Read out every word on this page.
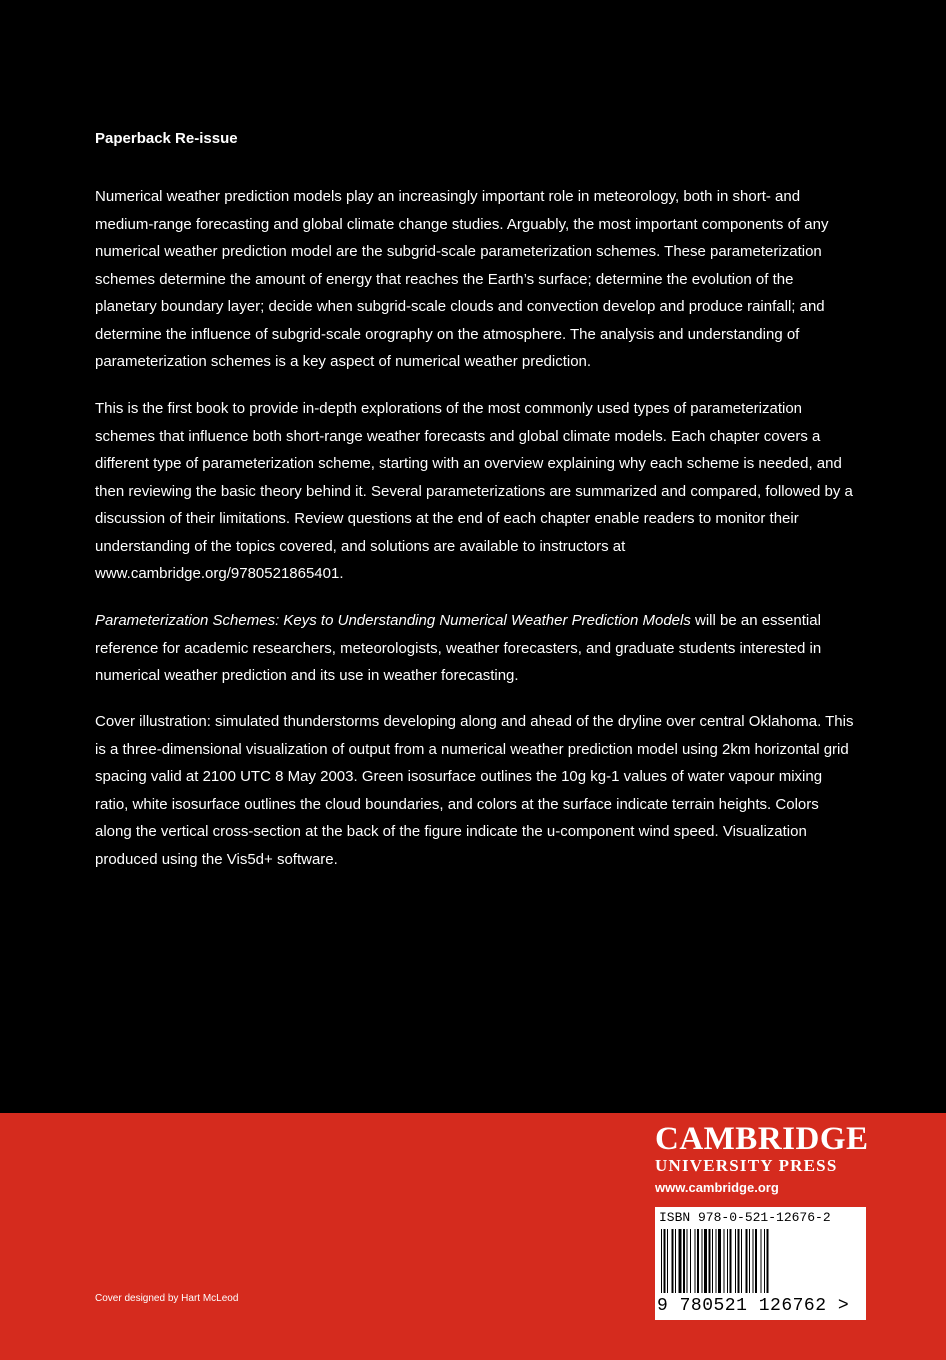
Paperback Re-issue
Numerical weather prediction models play an increasingly important role in meteorology, both in short- and medium-range forecasting and global climate change studies. Arguably, the most important components of any numerical weather prediction model are the subgrid-scale parameterization schemes. These parameterization schemes determine the amount of energy that reaches the Earth’s surface; determine the evolution of the planetary boundary layer; decide when subgrid-scale clouds and convection develop and produce rainfall; and determine the influence of subgrid-scale orography on the atmosphere. The analysis and understanding of parameterization schemes is a key aspect of numerical weather prediction.
This is the first book to provide in-depth explorations of the most commonly used types of parameterization schemes that influence both short-range weather forecasts and global climate models. Each chapter covers a different type of parameterization scheme, starting with an overview explaining why each scheme is needed, and then reviewing the basic theory behind it. Several parameterizations are summarized and compared, followed by a discussion of their limitations. Review questions at the end of each chapter enable readers to monitor their understanding of the topics covered, and solutions are available to instructors at www.cambridge.org/9780521865401.
Parameterization Schemes: Keys to Understanding Numerical Weather Prediction Models will be an essential reference for academic researchers, meteorologists, weather forecasters, and graduate students interested in numerical weather prediction and its use in weather forecasting.
Cover illustration: simulated thunderstorms developing along and ahead of the dryline over central Oklahoma. This is a three-dimensional visualization of output from a numerical weather prediction model using 2km horizontal grid spacing valid at 2100 UTC 8 May 2003. Green isosurface outlines the 10g kg-1 values of water vapour mixing ratio, white isosurface outlines the cloud boundaries, and colors at the surface indicate terrain heights. Colors along the vertical cross-section at the back of the figure indicate the u-component wind speed. Visualization produced using the Vis5d+ software.
CAMBRIDGE
UNIVERSITY PRESS
www.cambridge.org
ISBN 978-0-521-12676-2
9 780521 126762 >
Cover designed by Hart McLeod
